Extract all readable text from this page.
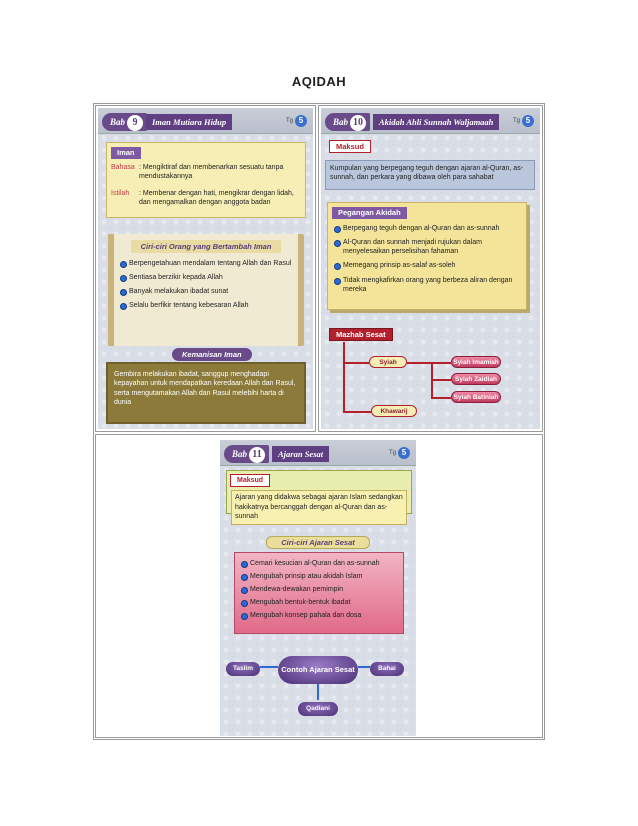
AQIDAH
Bab 9	Iman Mutiara Hidup	Tg 5
Iman
Bahasa : Mengiktiraf dan membenarkan sesuatu tanpa mendustakannya
Istilah	: Membenar dengan hati, mengikrar dengan lidah, dan mengamalkan dengan anggota badan
Ciri-ciri Orang yang Bertambah Iman
Berpengetahuan mendalam tentang Allah dan Rasul
Sentiasa berzikir kepada Allah
Banyak melakukan ibadat sunat
Selalu berfikir tentang kebesaran Allah
Kemanisan Iman
Gembira melakukan ibadat, sanggup menghadapi kepayahan untuk mendapatkan keredaan Allah dan Rasul, serta mengutamakan Allah dan Rasul melebihi harta di dunia
Bab 10	Akidah Ahli Sunnah Waljamaah	Tg 5
Maksud
Kumpulan yang berpegang teguh dengan ajaran al-Quran, as-sunnah, dan perkara yang dibawa oleh para sahabat
Pegangan Akidah
Berpegang teguh dengan al-Quran dan as-sunnah
Al-Quran dan sunnah menjadi rujukan dalam menyelesaikan perselisihan fahaman
Memegang prinsip as-salaf as-soleh
Tidak mengkafirkan orang yang berbeza aliran dengan mereka
Mazhab Sesat
Syiah
Khawarij
Syiah Imamiah
Syiah Zaidiah
Syiah Batiniah
Bab 11	Ajaran Sesat	Tg 5
Maksud
Ajaran yang didakwa sebagai ajaran Islam sedangkan hakikatnya bercanggah dengan al-Quran dan as-sunnah
Ciri-ciri Ajaran Sesat
Cemari kesucian al-Quran dan as-sunnah
Mengubah prinsip atau akidah Islam
Mendewa-dewakan pemimpin
Mengubah bentuk-bentuk ibadat
Mengubah konsep pahala dan dosa
Contoh Ajaran Sesat
Taslim	Bahai
Qadiani
